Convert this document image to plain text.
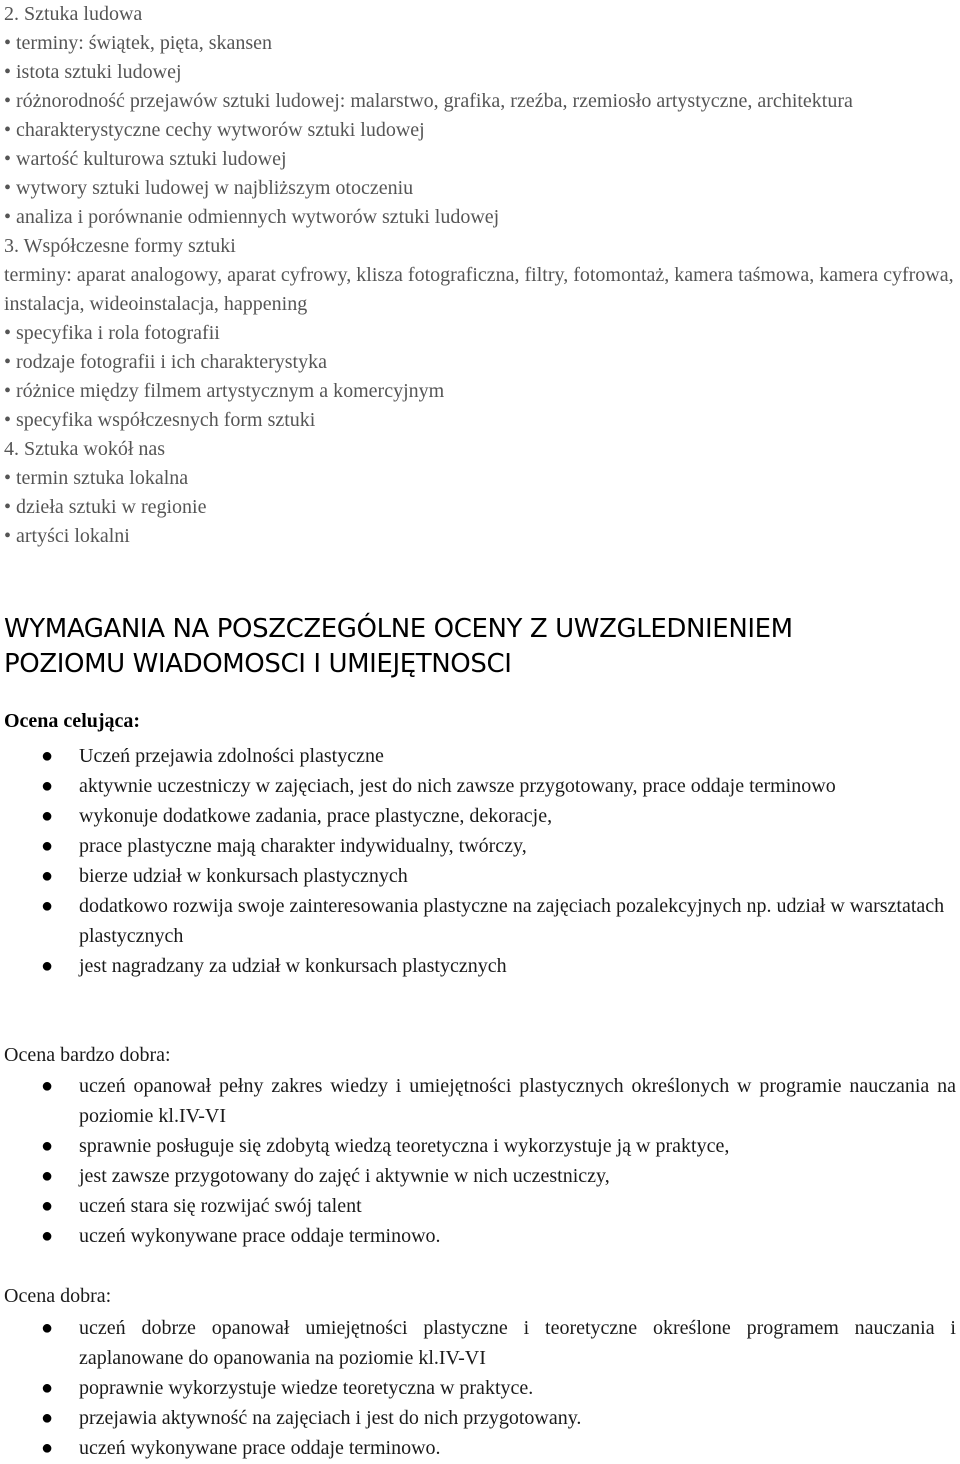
2. Sztuka ludowa
• terminy: świątek, pięta, skansen
• istota sztuki ludowej
• różnorodność przejawów sztuki ludowej: malarstwo, grafika, rzeźba, rzemiosło artystyczne, architektura
• charakterystyczne cechy wytworów sztuki ludowej
• wartość kulturowa sztuki ludowej
• wytwory sztuki ludowej w najbliższym otoczeniu
• analiza i porównanie odmiennych wytworów sztuki ludowej
3. Współczesne formy sztuki
terminy: aparat analogowy, aparat cyfrowy, klisza fotograficzna, filtry, fotomontaż, kamera taśmowa, kamera cyfrowa, instalacja, wideoinstalacja, happening
• specyfika i rola fotografii
• rodzaje fotografii i ich charakterystyka
• różnice między filmem artystycznym a komercyjnym
• specyfika współczesnych form sztuki
4. Sztuka wokół nas
• termin sztuka lokalna
• dzieła sztuki w regionie
• artyści lokalni
WYMAGANIA NA POSZCZEGÓLNE OCENY Z UWZGLEDNIENIEM
POZIOMU WIADOMOSCI I UMIEJĘTNOSCI
Ocena celująca:
● Uczeń przejawia zdolności plastyczne
● aktywnie uczestniczy w zajęciach, jest do nich zawsze przygotowany, prace oddaje terminowo
● wykonuje dodatkowe zadania, prace plastyczne, dekoracje,
● prace plastyczne mają charakter indywidualny, twórczy,
● bierze udział w konkursach plastycznych
● dodatkowo rozwija swoje zainteresowania plastyczne na zajęciach pozalekcyjnych np. udział w warsztatach plastycznych
● jest nagradzany za udział w konkursach plastycznych
Ocena bardzo dobra:
● uczeń opanował pełny zakres wiedzy i umiejętności plastycznych określonych w programie nauczania na poziomie kl.IV-VI
● sprawnie posługuje się zdobytą wiedzą teoretyczna i wykorzystuje ją w praktyce,
● jest zawsze przygotowany do zajęć i aktywnie w nich uczestniczy,
● uczeń stara się rozwijać swój talent
● uczeń wykonywane prace oddaje terminowo.
Ocena dobra:
● uczeń dobrze opanował umiejętności plastyczne i teoretyczne określone programem nauczania i zaplanowane do opanowania na poziomie kl.IV-VI
● poprawnie wykorzystuje wiedze teoretyczna w praktyce.
● przejawia aktywność na zajęciach i jest do nich przygotowany.
● uczeń wykonywane prace oddaje terminowo.
